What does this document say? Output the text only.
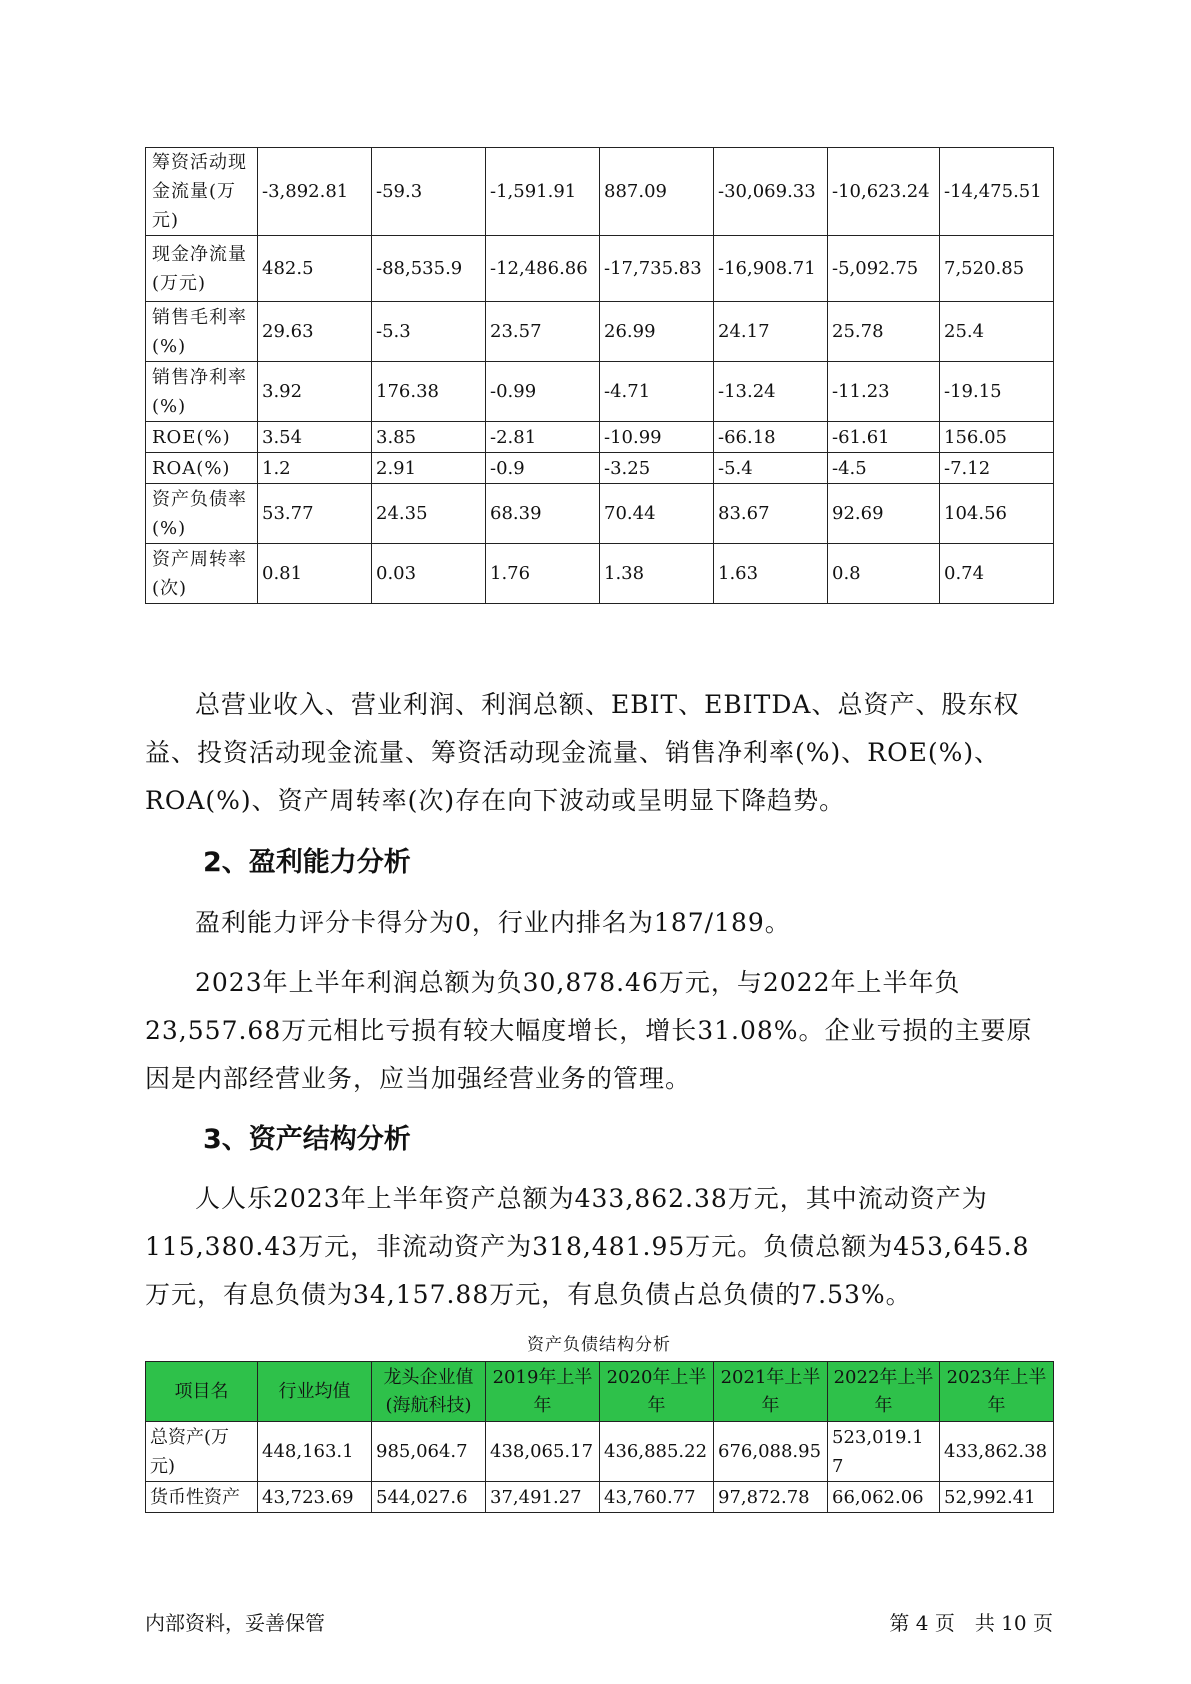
筹资活动现金流量(万元)	-3,892.81	-59.3	-1,591.91	887.09	-30,069.33	-10,623.24	-14,475.51
现金净流量(万元)	482.5	-88,535.9	-12,486.86	-17,735.83	-16,908.71	-5,092.75	7,520.85
销售毛利率(%)	29.63	-5.3	23.57	26.99	24.17	25.78	25.4
销售净利率(%)	3.92	176.38	-0.99	-4.71	-13.24	-11.23	-19.15
ROE(%)	3.54	3.85	-2.81	-10.99	-66.18	-61.61	156.05
ROA(%)	1.2	2.91	-0.9	-3.25	-5.4	-4.5	-7.12
资产负债率(%)	53.77	24.35	68.39	70.44	83.67	92.69	104.56
资产周转率(次)	0.81	0.03	1.76	1.38	1.63	0.8	0.74

总营业收入、营业利润、利润总额、EBIT、EBITDA、总资产、股东权益、投资活动现金流量、筹资活动现金流量、销售净利率(%)、ROE(%)、ROA(%)、资产周转率(次)存在向下波动或呈明显下降趋势。

2、盈利能力分析

盈利能力评分卡得分为0，行业内排名为187/189。

2023年上半年利润总额为负30,878.46万元，与2022年上半年负23,557.68万元相比亏损有较大幅度增长，增长31.08%。企业亏损的主要原因是内部经营业务，应当加强经营业务的管理。

3、资产结构分析

人人乐2023年上半年资产总额为433,862.38万元，其中流动资产为115,380.43万元，非流动资产为318,481.95万元。负债总额为453,645.8万元，有息负债为34,157.88万元，有息负债占总负债的7.53%。

资产负债结构分析
项目名	行业均值	龙头企业值(海航科技)	2019年上半年	2020年上半年	2021年上半年	2022年上半年	2023年上半年
总资产(万元)	448,163.1	985,064.7	438,065.17	436,885.22	676,088.95	523,019.17	433,862.38
货币性资产	43,723.69	544,027.6	37,491.27	43,760.77	97,872.78	66,062.06	52,992.41
内部资料，妥善保管	第 4 页　共 10 页
